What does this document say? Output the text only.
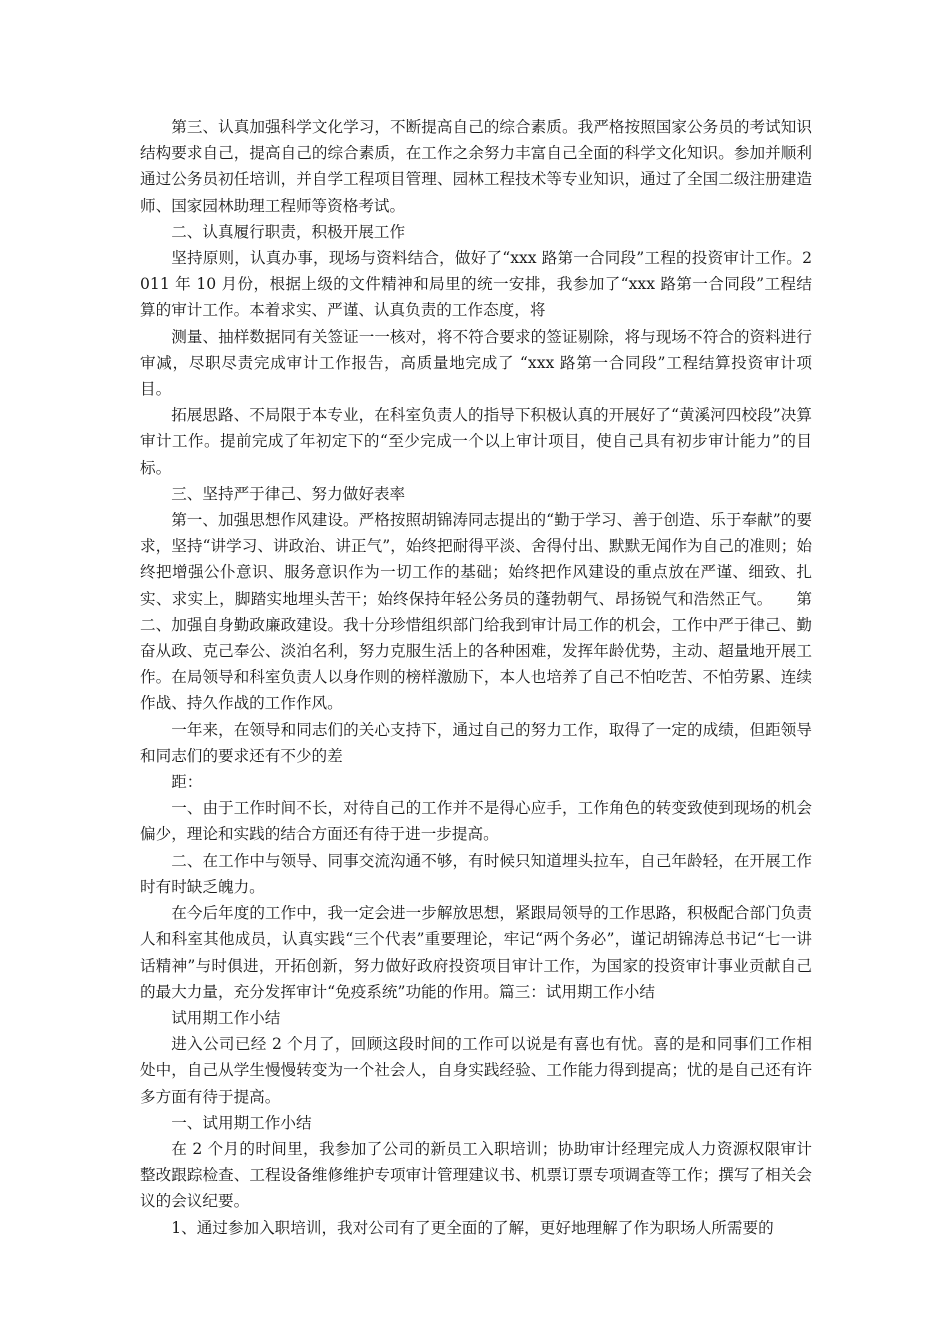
第三、认真加强科学文化学习，不断提高自己的综合素质。我严格按照国家公务员的考试知识结构要求自己，提高自己的综合素质，在工作之余努力丰富自己全面的科学文化知识。参加并顺利通过公务员初任培训，并自学工程项目管理、园林工程技术等专业知识，通过了全国二级注册建造师、国家园林助理工程师等资格考试。

二、认真履行职责，积极开展工作

坚持原则，认真办事，现场与资料结合，做好了“xxx 路第一合同段”工程的投资审计工作。2011 年 10 月份，根据上级的文件精神和局里的统一安排，我参加了“xxx 路第一合同段”工程结算的审计工作。本着求实、严谨、认真负责的工作态度，将

测量、抽样数据同有关签证一一核对，将不符合要求的签证剔除，将与现场不符合的资料进行审减，尽职尽责完成审计工作报告，高质量地完成了 “xxx 路第一合同段”工程结算投资审计项目。

拓展思路、不局限于本专业，在科室负责人的指导下积极认真的开展好了“黄溪河四校段”决算审计工作。提前完成了年初定下的“至少完成一个以上审计项目，使自己具有初步审计能力”的目标。

三、坚持严于律己、努力做好表率

第一、加强思想作风建设。严格按照胡锦涛同志提出的“勤于学习、善于创造、乐于奉献”的要求，坚持“讲学习、讲政治、讲正气”，始终把耐得平淡、舍得付出、默默无闻作为自己的准则；始终把增强公仆意识、服务意识作为一切工作的基础；始终把作风建设的重点放在严谨、细致、扎实、求实上，脚踏实地埋头苦干；始终保持年轻公务员的蓬勃朝气、昂扬锐气和浩然正气。　　第二、加强自身勤政廉政建设。我十分珍惜组织部门给我到审计局工作的机会，工作中严于律己、勤奋从政、克己奉公、淡泊名利，努力克服生活上的各种困难，发挥年龄优势，主动、超量地开展工作。在局领导和科室负责人以身作则的榜样激励下，本人也培养了自己不怕吃苦、不怕劳累、连续作战、持久作战的工作作风。

一年来，在领导和同志们的关心支持下，通过自己的努力工作，取得了一定的成绩，但距领导和同志们的要求还有不少的差

距：

一、由于工作时间不长，对待自己的工作并不是得心应手，工作角色的转变致使到现场的机会偏少，理论和实践的结合方面还有待于进一步提高。

二、在工作中与领导、同事交流沟通不够，有时候只知道埋头拉车，自己年龄轻，在开展工作时有时缺乏魄力。

在今后年度的工作中，我一定会进一步解放思想，紧跟局领导的工作思路，积极配合部门负责人和科室其他成员，认真实践“三个代表”重要理论，牢记“两个务必”，谨记胡锦涛总书记“七一讲话精神”与时俱进，开拓创新，努力做好政府投资项目审计工作，为国家的投资审计事业贡献自己的最大力量，充分发挥审计“免疫系统”功能的作用。篇三：试用期工作小结

试用期工作小结

进入公司已经 2 个月了，回顾这段时间的工作可以说是有喜也有忧。喜的是和同事们工作相处中，自己从学生慢慢转变为一个社会人，自身实践经验、工作能力得到提高；忧的是自己还有许多方面有待于提高。

一、试用期工作小结

在 2 个月的时间里，我参加了公司的新员工入职培训；协助审计经理完成人力资源权限审计整改跟踪检查、工程设备维修维护专项审计管理建议书、机票订票专项调查等工作；撰写了相关会议的会议纪要。

1、通过参加入职培训，我对公司有了更全面的了解，更好地理解了作为职场人所需要的
